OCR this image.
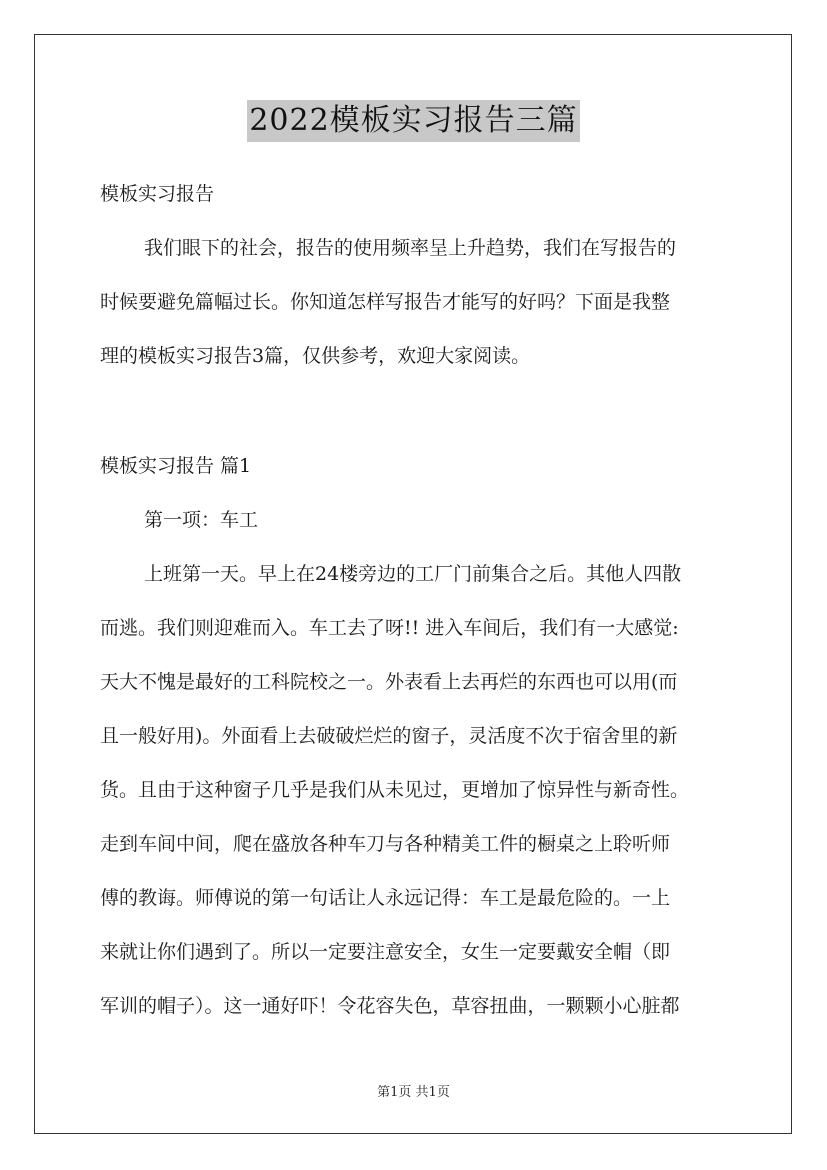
2022模板实习报告三篇
模板实习报告
我们眼下的社会，报告的使用频率呈上升趋势，我们在写报告的
时候要避免篇幅过长。你知道怎样写报告才能写的好吗？下面是我整
理的模板实习报告3篇，仅供参考，欢迎大家阅读。
模板实习报告 篇1
第一项：车工
上班第一天。早上在24楼旁边的工厂门前集合之后。其他人四散
而逃。我们则迎难而入。车工去了呀!! 进入车间后，我们有一大感觉:
天大不愧是最好的工科院校之一。外表看上去再烂的东西也可以用(而
且一般好用)。外面看上去破破烂烂的窗子，灵活度不次于宿舍里的新
货。且由于这种窗子几乎是我们从未见过，更增加了惊异性与新奇性。
走到车间中间，爬在盛放各种车刀与各种精美工件的橱桌之上聆听师
傅的教诲。师傅说的第一句话让人永远记得：车工是最危险的。一上
来就让你们遇到了。所以一定要注意安全，女生一定要戴安全帽（即
军训的帽子）。这一通好吓！令花容失色，草容扭曲，一颗颗小心脏都
第1页 共1页
